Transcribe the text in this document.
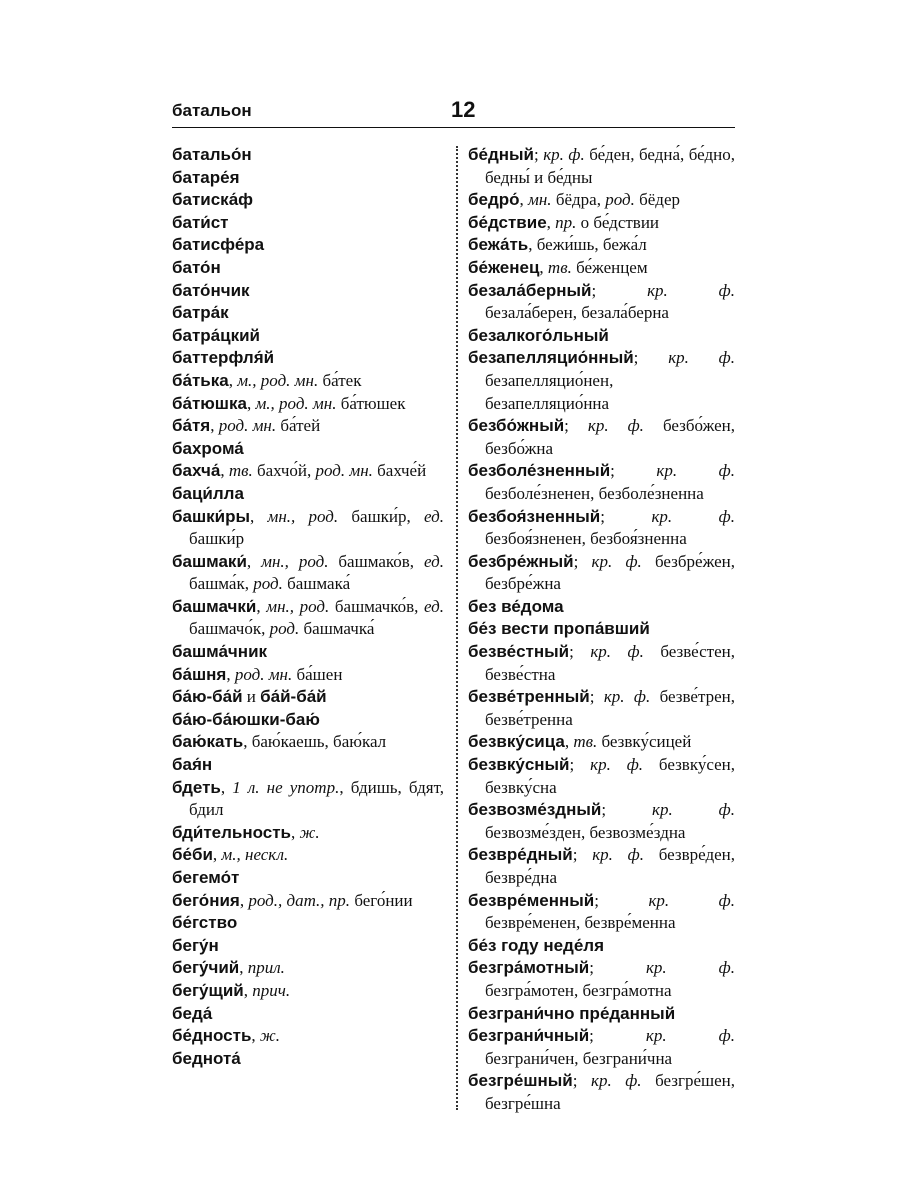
батальон	12

батальо́н

батаре́я

батиска́ф

бати́ст

батисфе́ра

бато́н

бато́нчик

батра́к

батра́цкий

баттерфля́й

ба́тька, м., род. мн. ба́тек

ба́тюшка, м., род. мн. ба́тюшек

ба́тя, род. мн. ба́тей

бахрома́

бахча́, тв. бахчо́й, род. мн. бахче́й

баци́лла

башки́ры, мн., род. башки́р, ед. башки́р

башмаки́, мн., род. башмако́в, ед. башма́к, род. башмака́

башмачки́, мн., род. башмачко́в, ед. башмачо́к, род. башмачка́

башма́чник

ба́шня, род. мн. ба́шен

ба́ю-ба́й и ба́й-ба́й

ба́ю-ба́юшки-баю́

баю́кать, баю́каешь, баю́кал

бая́н

бдеть, 1 л. не употр., бдишь, бдят, бдил

бди́тельность, ж.

бе́би, м., нескл.

бегемо́т

бего́ния, род., дат., пр. бего́нии

бе́гство

бегу́н

бегу́чий, прил.

бегу́щий, прич.

беда́

бе́дность, ж.

беднота́

бе́дный; кр. ф. бе́ден, бедна́, бе́дно, бедны́ и бе́дны

бедро́, мн. бёдра, род. бёдер

бе́дствие, пр. о бе́дствии

бежа́ть, бежи́шь, бежа́л

бе́женец, тв. бе́женцем

безала́берный; кр. ф. безала́берен, безала́берна

безалкого́льный

безапелляцио́нный; кр. ф. безапелляцио́нен, безапелляцио́нна

безбо́жный; кр. ф. безбо́жен, безбо́жна

безболе́зненный; кр. ф. безболе́зненен, безболе́зненна

безбоя́зненный; кр. ф. безбоя́зненен, безбоя́зненна

безбре́жный; кр. ф. безбре́жен, безбре́жна

без ве́дома

бе́з вести пропа́вший

безве́стный; кр. ф. безве́стен, безве́стна

безве́тренный; кр. ф. безве́трен, безве́тренна

безвку́сица, тв. безвку́сицей

безвку́сный; кр. ф. безвку́сен, безвку́сна

безвозме́здный; кр. ф. безвозме́здeн, безвозме́здна

безвре́дный; кр. ф. безвре́ден, безвре́дна

безвре́менный; кр. ф. безвре́менен, безвре́менна

бе́з году неде́ля

безгра́мотный; кр. ф. безгра́мотен, безгра́мотна

безграни́чно пре́данный

безграни́чный; кр. ф. безграни́чен, безграни́чна

безгре́шный; кр. ф. безгре́шен, безгре́шна
